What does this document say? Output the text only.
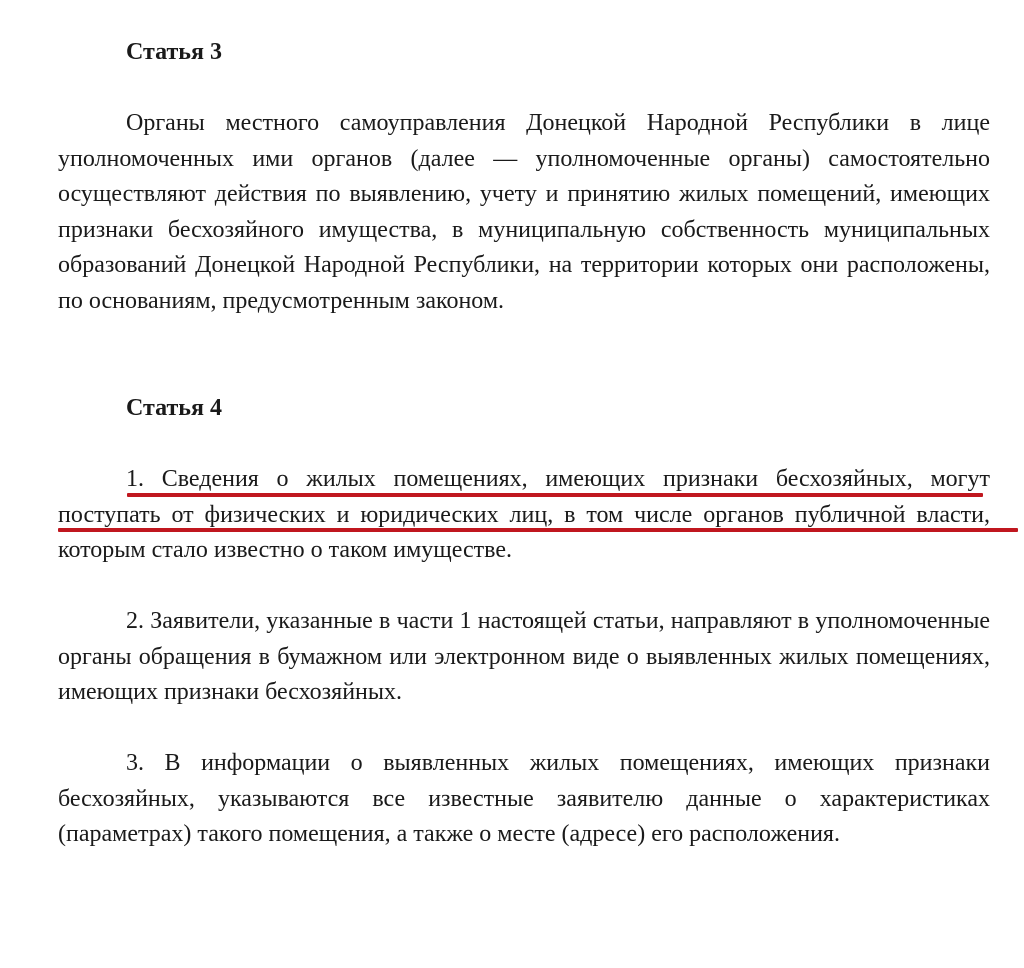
Статья 3

Органы местного самоуправления Донецкой Народной Республики в лице уполномоченных ими органов (далее — уполномоченные органы) самостоятельно осуществляют действия по выявлению, учету и принятию жилых помещений, имеющих признаки бесхозяйного имущества, в муниципальную собственность муниципальных образований Донецкой Народной Республики, на территории которых они расположены, по основаниям, предусмотренным законом.

Статья 4

1. Сведения о жилых помещениях, имеющих признаки бесхозяйных, могут поступать от физических и юридических лиц, в том числе органов публичной власти, которым стало известно о таком имуществе.

2. Заявители, указанные в части 1 настоящей статьи, направляют в уполномоченные органы обращения в бумажном или электронном виде о выявленных жилых помещениях, имеющих признаки бесхозяйных.

3. В информации о выявленных жилых помещениях, имеющих признаки бесхозяйных, указываются все известные заявителю данные о характеристиках (параметрах) такого помещения, а также о месте (адресе) его расположения.
